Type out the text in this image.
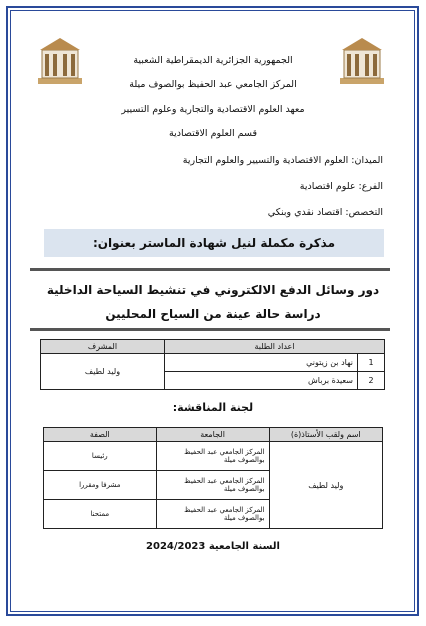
الجمهورية الجزائرية الديمقراطية الشعبية
المركز الجامعي عبد الحفيظ بوالصوف ميلة
معهد العلوم الاقتصادية والتجارية وعلوم التسيير
قسم العلوم الاقتصادية
الميدان: العلوم الاقتصادية والتسيير والعلوم التجارية
الفرع: علوم اقتصادية
التخصص: اقتصاد نقدي وبنكي
مذكرة مكملة لنيل شهادة الماستر بعنوان:
دور وسائل الدفع الالكتروني في تنشيط السياحة الداخلية
دراسة حالة عينة من السياح المحليين
اعداد الطلبة		المشرف
1	نهاد بن زيتوني	وليد لطيف
2	سعيدة برباش	
لجنة المناقشة:
اسم ولقب الأستاذ(ة)	الجامعة	الصفة
وليد لطيف	المركز الجامعي عبد الحفيظ بوالصوف ميلة	رئيسا
	المركز الجامعي عبد الحفيظ بوالصوف ميلة	مشرفا ومقررا
	المركز الجامعي عبد الحفيظ بوالصوف ميلة	ممتحنا
السنة الجامعية 2024/2023
